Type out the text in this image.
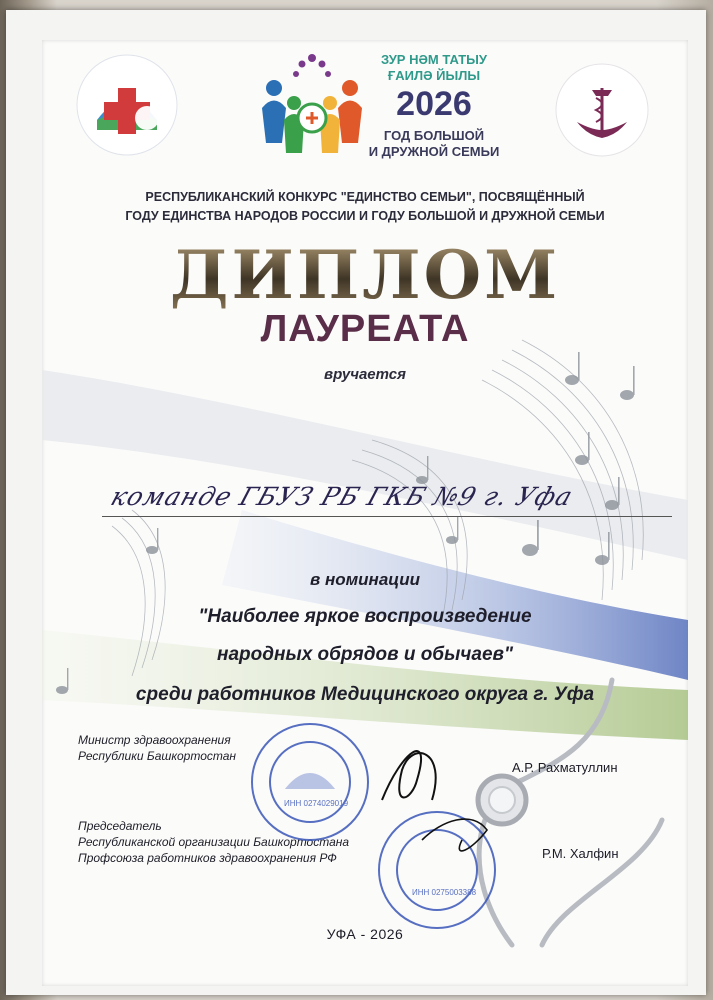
ЗУР НӘМ ТАТЫУ
ҒАИЛӘ ЙЫЛЫ
2026
ГОД БОЛЬШОЙ
И ДРУЖНОЙ СЕМЬИ
РЕСПУБЛИКАНСКИЙ КОНКУРС "ЕДИНСТВО СЕМЬИ", ПОСВЯЩЁННЫЙ
ГОДУ ЕДИНСТВА НАРОДОВ РОССИИ И ГОДУ БОЛЬШОЙ И ДРУЖНОЙ СЕМЬИ
ДИПЛОМ
ЛАУРЕАТА
вручается
команде ГБУЗ РБ ГКБ №9 г. Уфа
в номинации
"Наиболее яркое воспроизведение
народных обрядов и обычаев"
среди работников Медицинского округа г. Уфа
Министр здравоохранения
Республики Башкортостан
А.Р. Рахматуллин
Председатель
Республиканской организации Башкортостана
Профсоюза работников здравоохранения РФ	Р.М. Халфин
ИНН 0274029019
ИНН 0275003388
УФА - 2026
